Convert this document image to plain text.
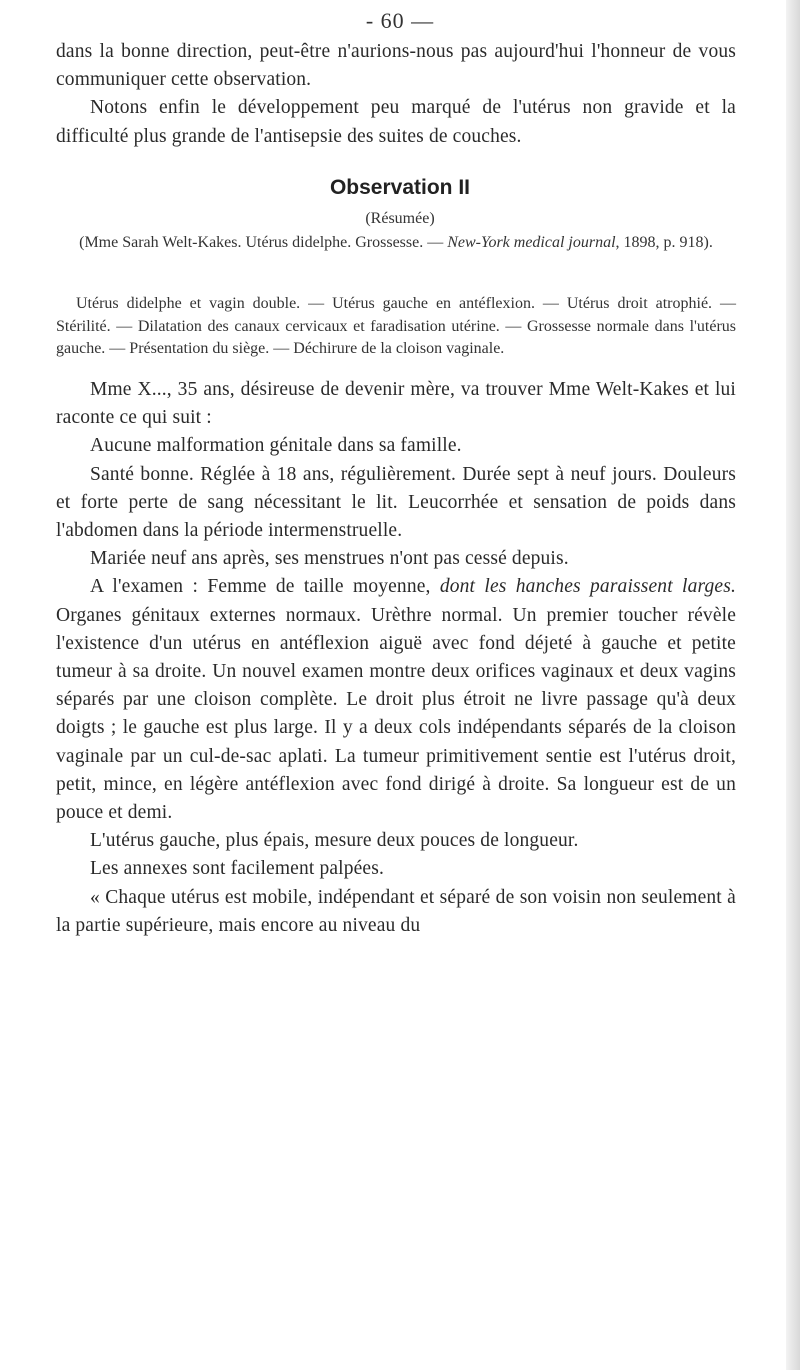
- 60 —

dans la bonne direction, peut-être n'aurions-nous pas aujourd'hui l'honneur de vous communiquer cette observation.

Notons enfin le développement peu marqué de l'utérus non gravide et la difficulté plus grande de l'antisepsie des suites de couches.

Observation II
(Résumée)
(Mme Sarah Welt-Kakes. Utérus didelphe. Grossesse. — New-York medical journal, 1898, p. 918).
Utérus didelphe et vagin double. — Utérus gauche en antéflexion. — Utérus droit atrophié. — Stérilité. — Dilatation des canaux cervicaux et faradisation utérine. — Grossesse normale dans l'utérus gauche. — Présentation du siège. — Déchirure de la cloison vaginale.

Mme X..., 35 ans, désireuse de devenir mère, va trouver Mme Welt-Kakes et lui raconte ce qui suit :

Aucune malformation génitale dans sa famille.

Santé bonne. Réglée à 18 ans, régulièrement. Durée sept à neuf jours. Douleurs et forte perte de sang nécessitant le lit. Leucorrhée et sensation de poids dans l'abdomen dans la période intermenstruelle.

Mariée neuf ans après, ses menstrues n'ont pas cessé depuis.

A l'examen : Femme de taille moyenne, dont les hanches paraissent larges. Organes génitaux externes normaux. Urèthre normal. Un premier toucher révèle l'existence d'un utérus en antéflexion aiguë avec fond déjeté à gauche et petite tumeur à sa droite. Un nouvel examen montre deux orifices vaginaux et deux vagins séparés par une cloison complète. Le droit plus étroit ne livre passage qu'à deux doigts ; le gauche est plus large. Il y a deux cols indépendants séparés de la cloison vaginale par un cul-de-sac aplati. La tumeur primitivement sentie est l'utérus droit, petit, mince, en légère antéflexion avec fond dirigé à droite. Sa longueur est de un pouce et demi.

L'utérus gauche, plus épais, mesure deux pouces de longueur.

Les annexes sont facilement palpées.

« Chaque utérus est mobile, indépendant et séparé de son voisin non seulement à la partie supérieure, mais encore au niveau du
